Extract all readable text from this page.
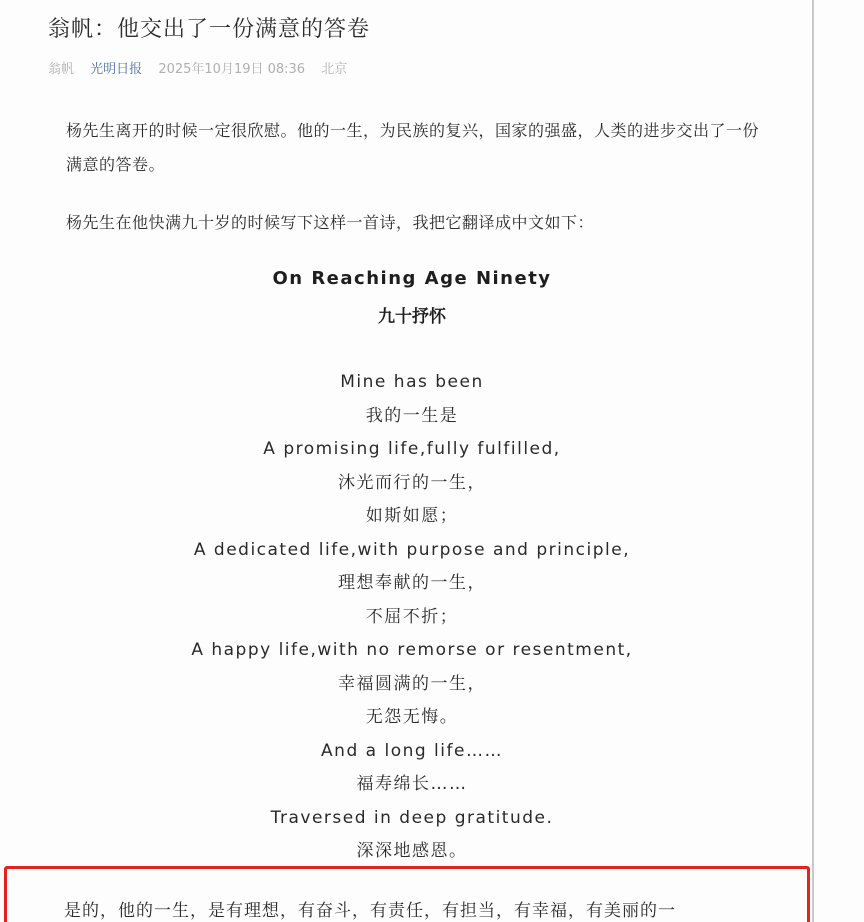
翁帆：他交出了一份满意的答卷
翁帆 光明日报 2025年10月19日 08:36 北京

杨先生离开的时候一定很欣慰。他的一生，为民族的复兴，国家的强盛，人类的进步交出了一份满意的答卷。

杨先生在他快满九十岁的时候写下这样一首诗，我把它翻译成中文如下：

On Reaching Age Ninety
九十抒怀
Mine has been
我的一生是
A promising life,fully fulfilled,
沐光而行的一生，
如斯如愿；
A dedicated life,with purpose and principle,
理想奉献的一生，
不屈不折；
A happy life,with no remorse or resentment,
幸福圆满的一生，
无怨无悔。
And a long life……
福寿绵长……
Traversed in deep gratitude.
深深地感恩。
是的，他的一生，是有理想，有奋斗，有责任，有担当，有幸福，有美丽的一
